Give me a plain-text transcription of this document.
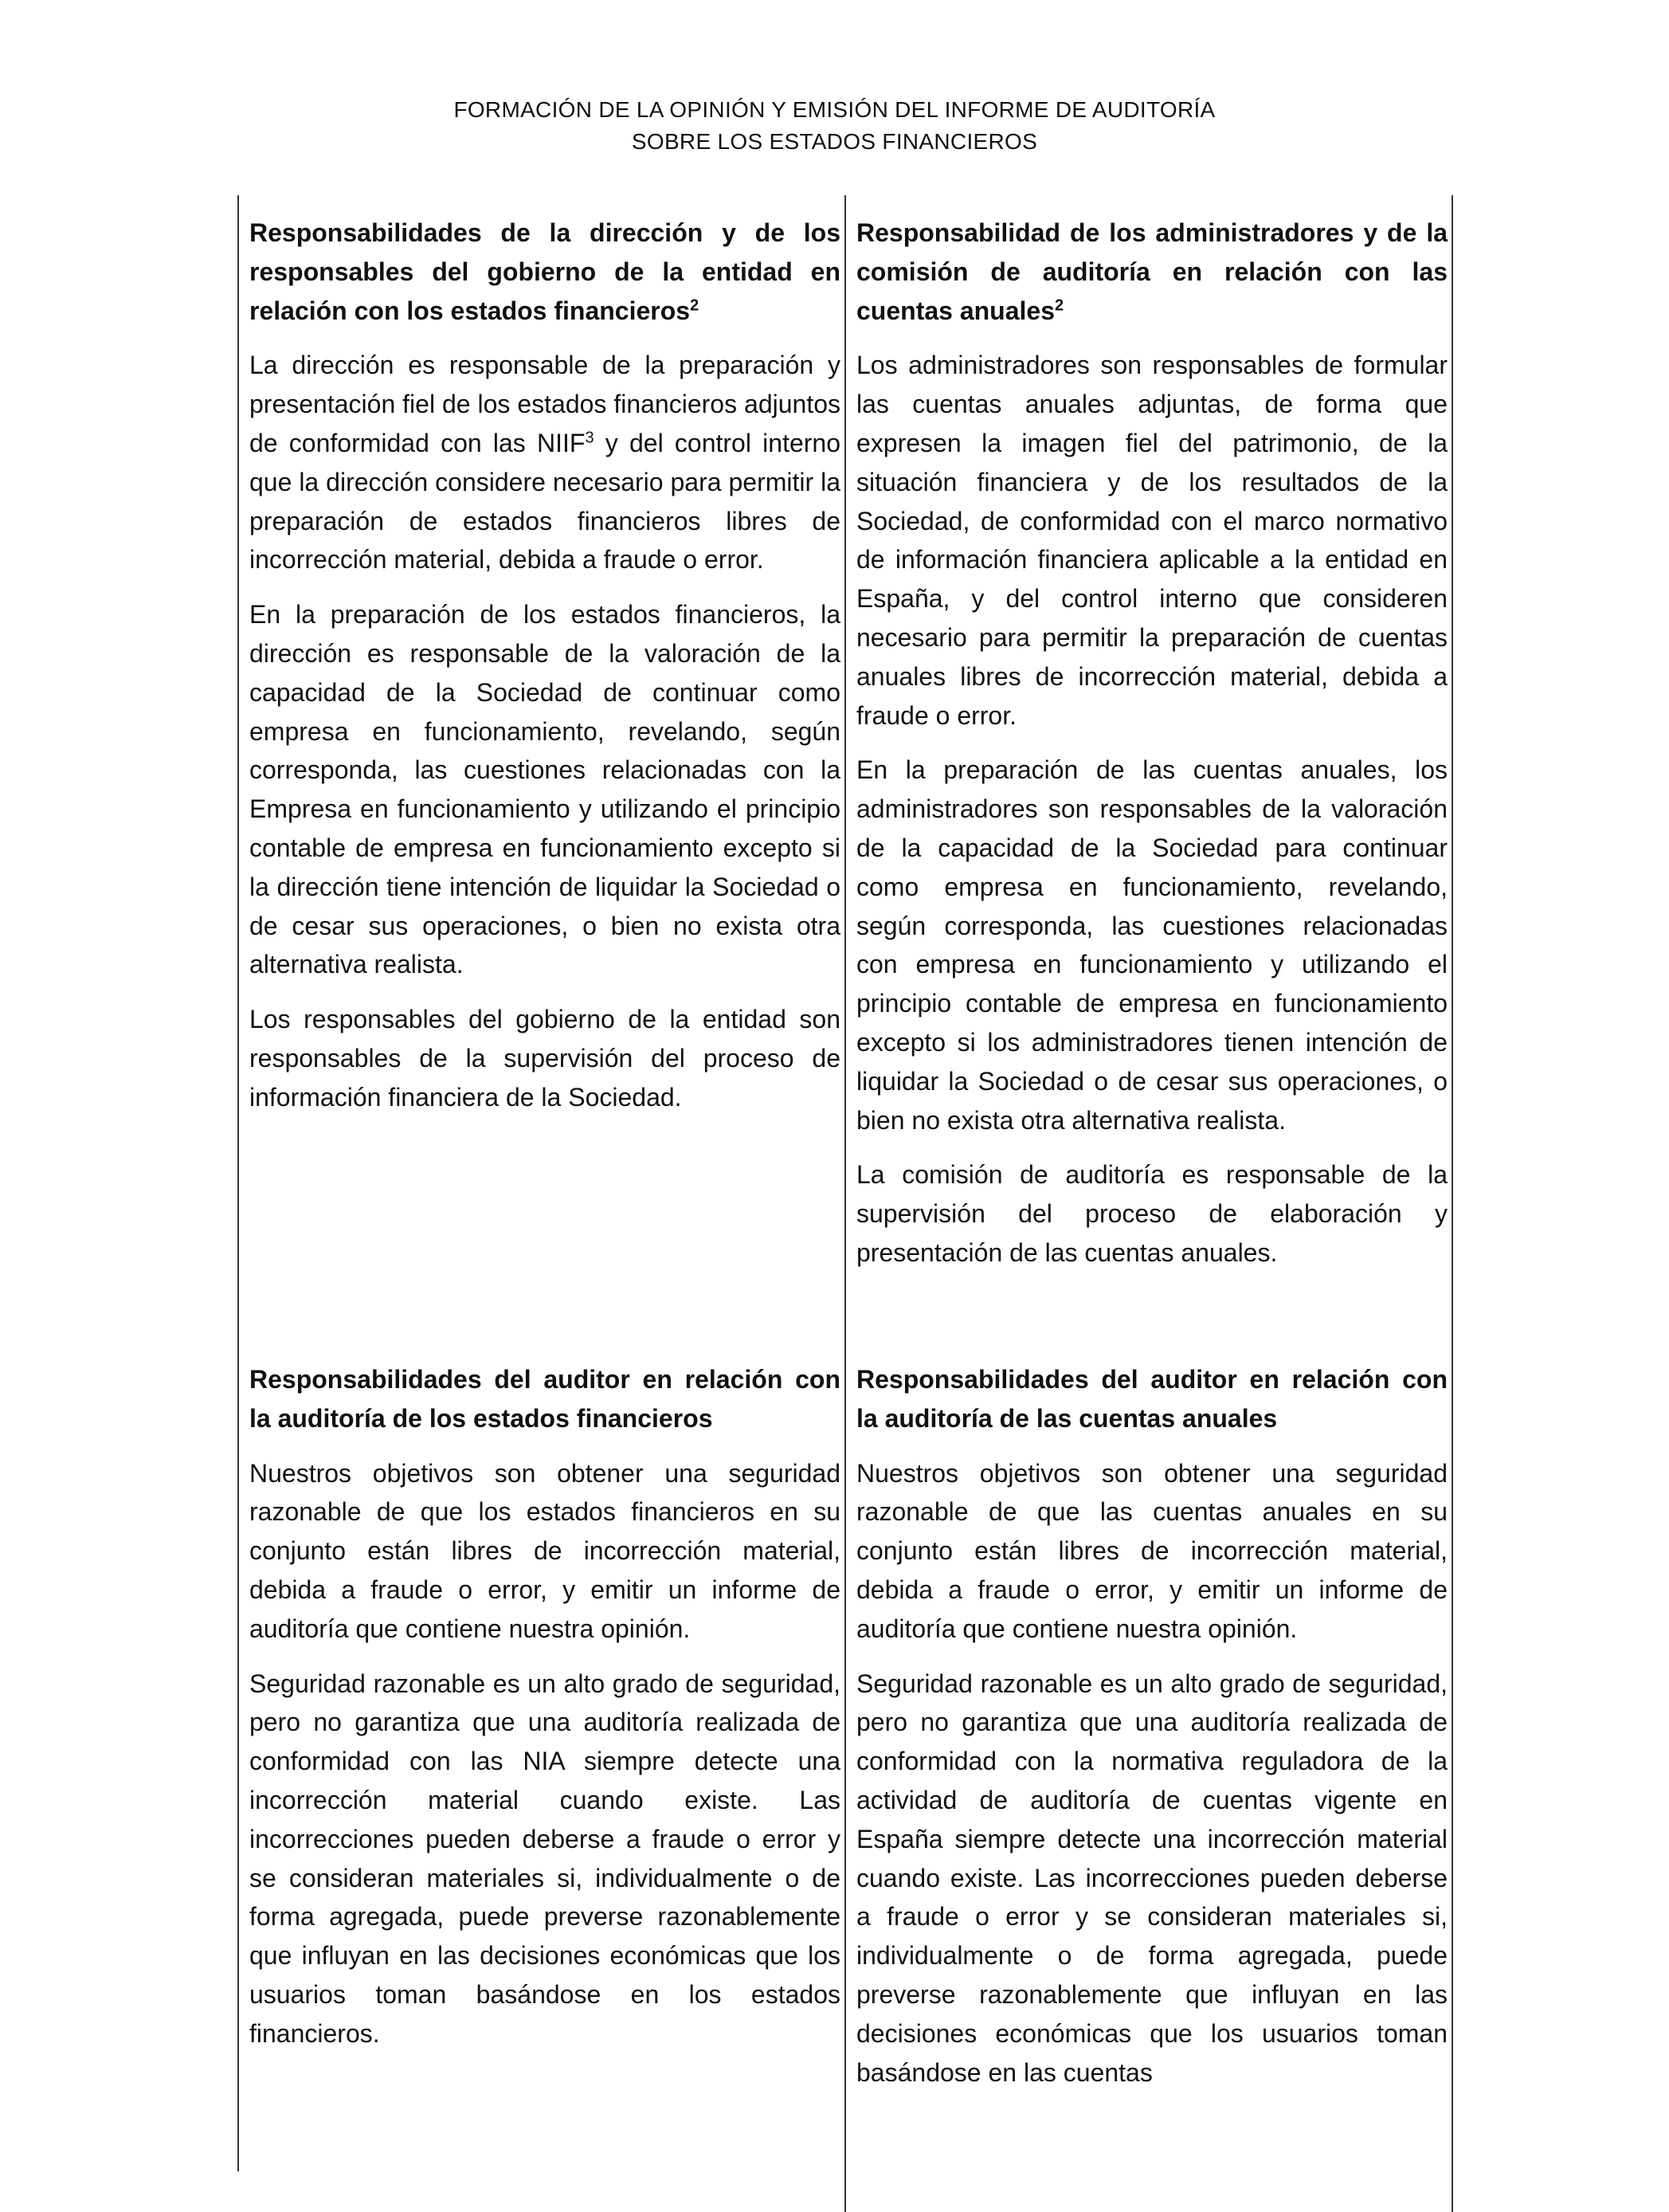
FORMACIÓN DE LA OPINIÓN Y EMISIÓN DEL INFORME DE AUDITORÍA
SOBRE LOS ESTADOS FINANCIEROS

Responsabilidades de la dirección y de los responsables del gobierno de la entidad en relación con los estados financieros$^2$

La dirección es responsable de la preparación y presentación fiel de los estados financieros adjuntos de conformidad con las NIIF$^3$ y del control interno que la dirección considere necesario para permitir la preparación de estados financieros libres de incorrección material, debida a fraude o error.

En la preparación de los estados financieros, la dirección es responsable de la valoración de la capacidad de la Sociedad de continuar como empresa en funcionamiento, revelando, según corresponda, las cuestiones relacionadas con la Empresa en funcionamiento y utilizando el principio contable de empresa en funcionamiento excepto si la dirección tiene intención de liquidar la Sociedad o de cesar sus operaciones, o bien no exista otra alternativa realista.

Los responsables del gobierno de la entidad son responsables de la supervisión del proceso de información financiera de la Sociedad.

Responsabilidad de los administradores y de la comisión de auditoría en relación con las cuentas anuales$^2$

Los administradores son responsables de formular las cuentas anuales adjuntas, de forma que expresen la imagen fiel del patrimonio, de la situación financiera y de los resultados de la Sociedad, de conformidad con el marco normativo de información financiera aplicable a la entidad en España, y del control interno que consideren necesario para permitir la preparación de cuentas anuales libres de incorrección material, debida a fraude o error.

En la preparación de las cuentas anuales, los administradores son responsables de la valoración de la capacidad de la Sociedad para continuar como empresa en funcionamiento, revelando, según corresponda, las cuestiones relacionadas con empresa en funcionamiento y utilizando el principio contable de empresa en funcionamiento excepto si los administradores tienen intención de liquidar la Sociedad o de cesar sus operaciones, o bien no exista otra alternativa realista.

La comisión de auditoría es responsable de la supervisión del proceso de elaboración y presentación de las cuentas anuales.

Responsabilidades del auditor en relación con la auditoría de los estados financieros

Nuestros objetivos son obtener una seguridad razonable de que los estados financieros en su conjunto están libres de incorrección material, debida a fraude o error, y emitir un informe de auditoría que contiene nuestra opinión.

Seguridad razonable es un alto grado de seguridad, pero no garantiza que una auditoría realizada de conformidad con las NIA siempre detecte una incorrección material cuando existe. Las incorrecciones pueden deberse a fraude o error y se consideran materiales si, individualmente o de forma agregada, puede preverse razonablemente que influyan en las decisiones económicas que los usuarios toman basándose en los estados financieros.

Responsabilidades del auditor en relación con la auditoría de las cuentas anuales

Nuestros objetivos son obtener una seguridad razonable de que las cuentas anuales en su conjunto están libres de incorrección material, debida a fraude o error, y emitir un informe de auditoría que contiene nuestra opinión.

Seguridad razonable es un alto grado de seguridad, pero no garantiza que una auditoría realizada de conformidad con la normativa reguladora de la actividad de auditoría de cuentas vigente en España siempre detecte una incorrección material cuando existe. Las incorrecciones pueden deberse a fraude o error y se consideran materiales si, individualmente o de forma agregada, puede preverse razonablemente que influyan en las decisiones económicas que los usuarios toman basándose en las cuentas
